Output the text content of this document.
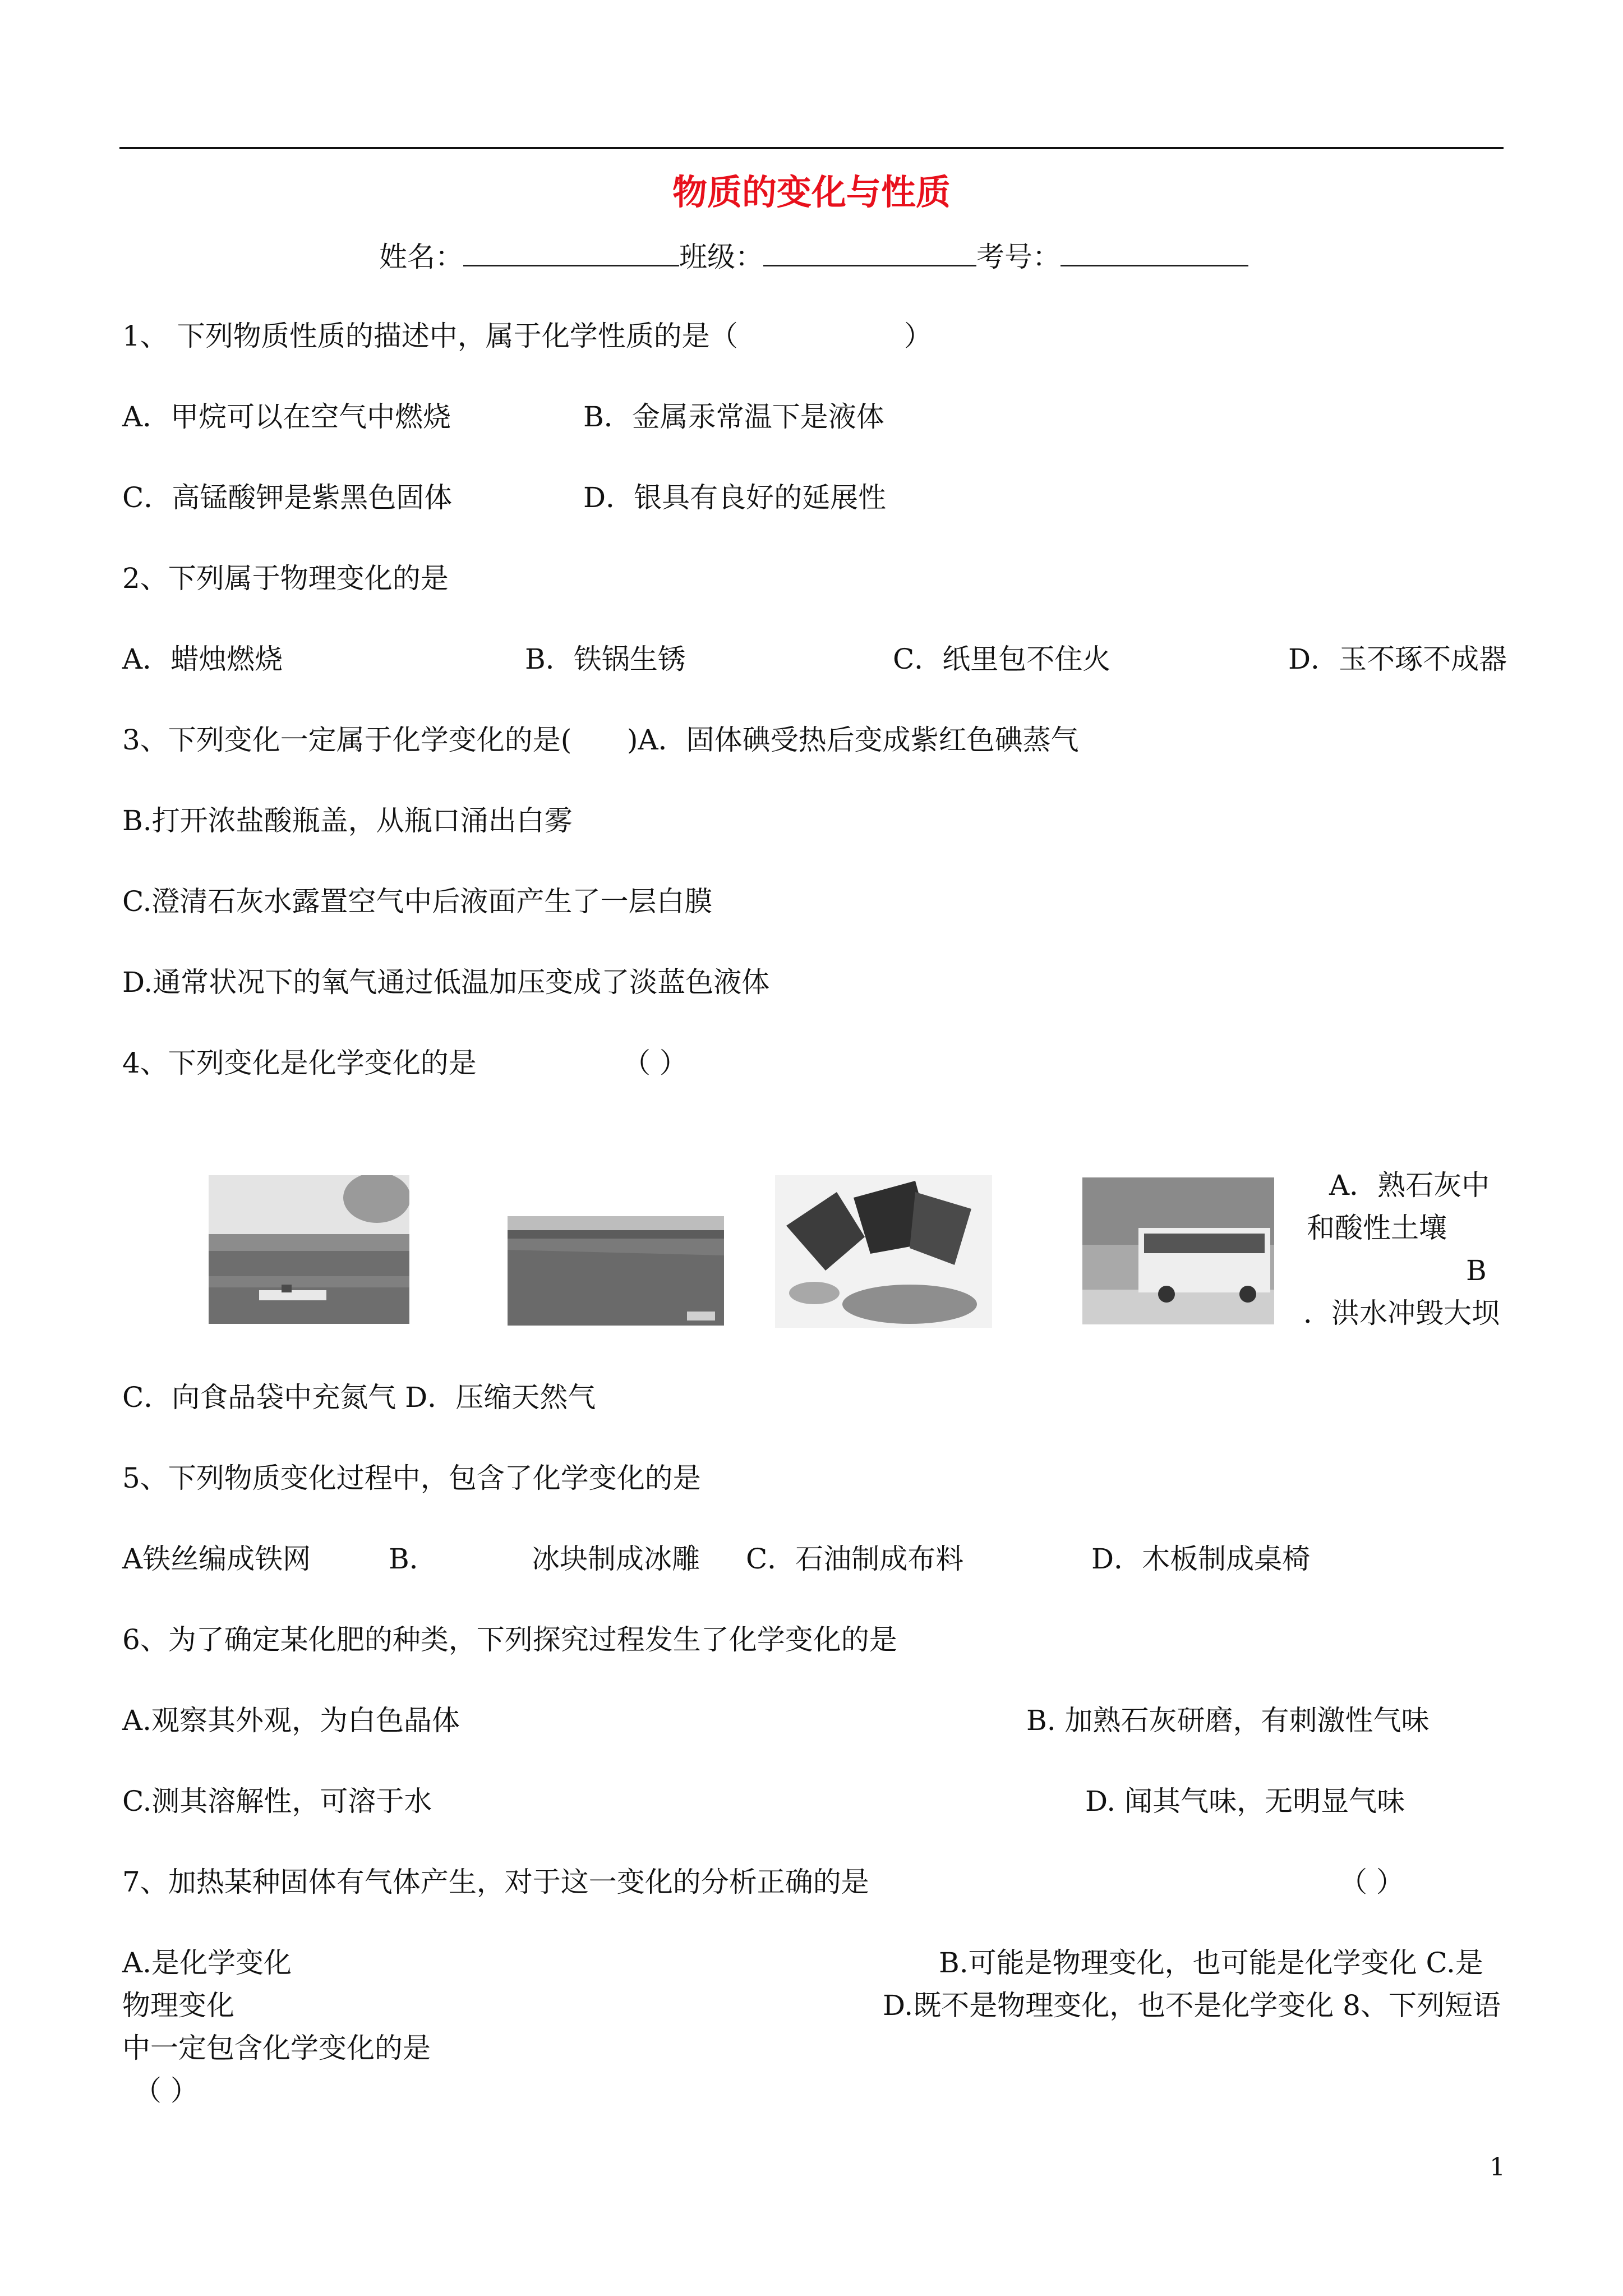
物质的变化与性质
姓名：	班级：	考号：
1、 下列物质性质的描述中，属于化学性质的是（	）
A．甲烷可以在空气中燃烧	B．金属汞常温下是液体
C．高锰酸钾是紫黑色固体	D．银具有良好的延展性
2、下列属于物理变化的是
A．蜡烛燃烧	B．铁锅生锈	C．纸里包不住火	D．玉不琢不成器
3、下列变化一定属于化学变化的是( )A．固体碘受热后变成紫红色碘蒸气
B.打开浓盐酸瓶盖，从瓶口涌出白雾
C.澄清石灰水露置空气中后液面产生了一层白膜
D.通常状况下的氧气通过低温加压变成了淡蓝色液体
4、下列变化是化学变化的是	（ ）
A．熟石灰中
和酸性土壤
B
．洪水冲毁大坝
C．向食品袋中充氮气 D．压缩天然气
5、下列物质变化过程中，包含了化学变化的是
A铁丝编成铁网	B．	冰块制成冰雕 C．石油制成布料	D．木板制成桌椅
6、为了确定某化肥的种类，下列探究过程发生了化学变化的是
A.观察其外观，为白色晶体	B. 加熟石灰研磨，有刺激性气味
C.测其溶解性，可溶于水	D. 闻其气味，无明显气味
7、加热某种固体有气体产生，对于这一变化的分析正确的是	（ ）
A.是化学变化	B.可能是物理变化，也可能是化学变化 C.是
物理变化	D.既不是物理变化，也不是化学变化 8、下列短语
中一定包含化学变化的是
（ ）
1
